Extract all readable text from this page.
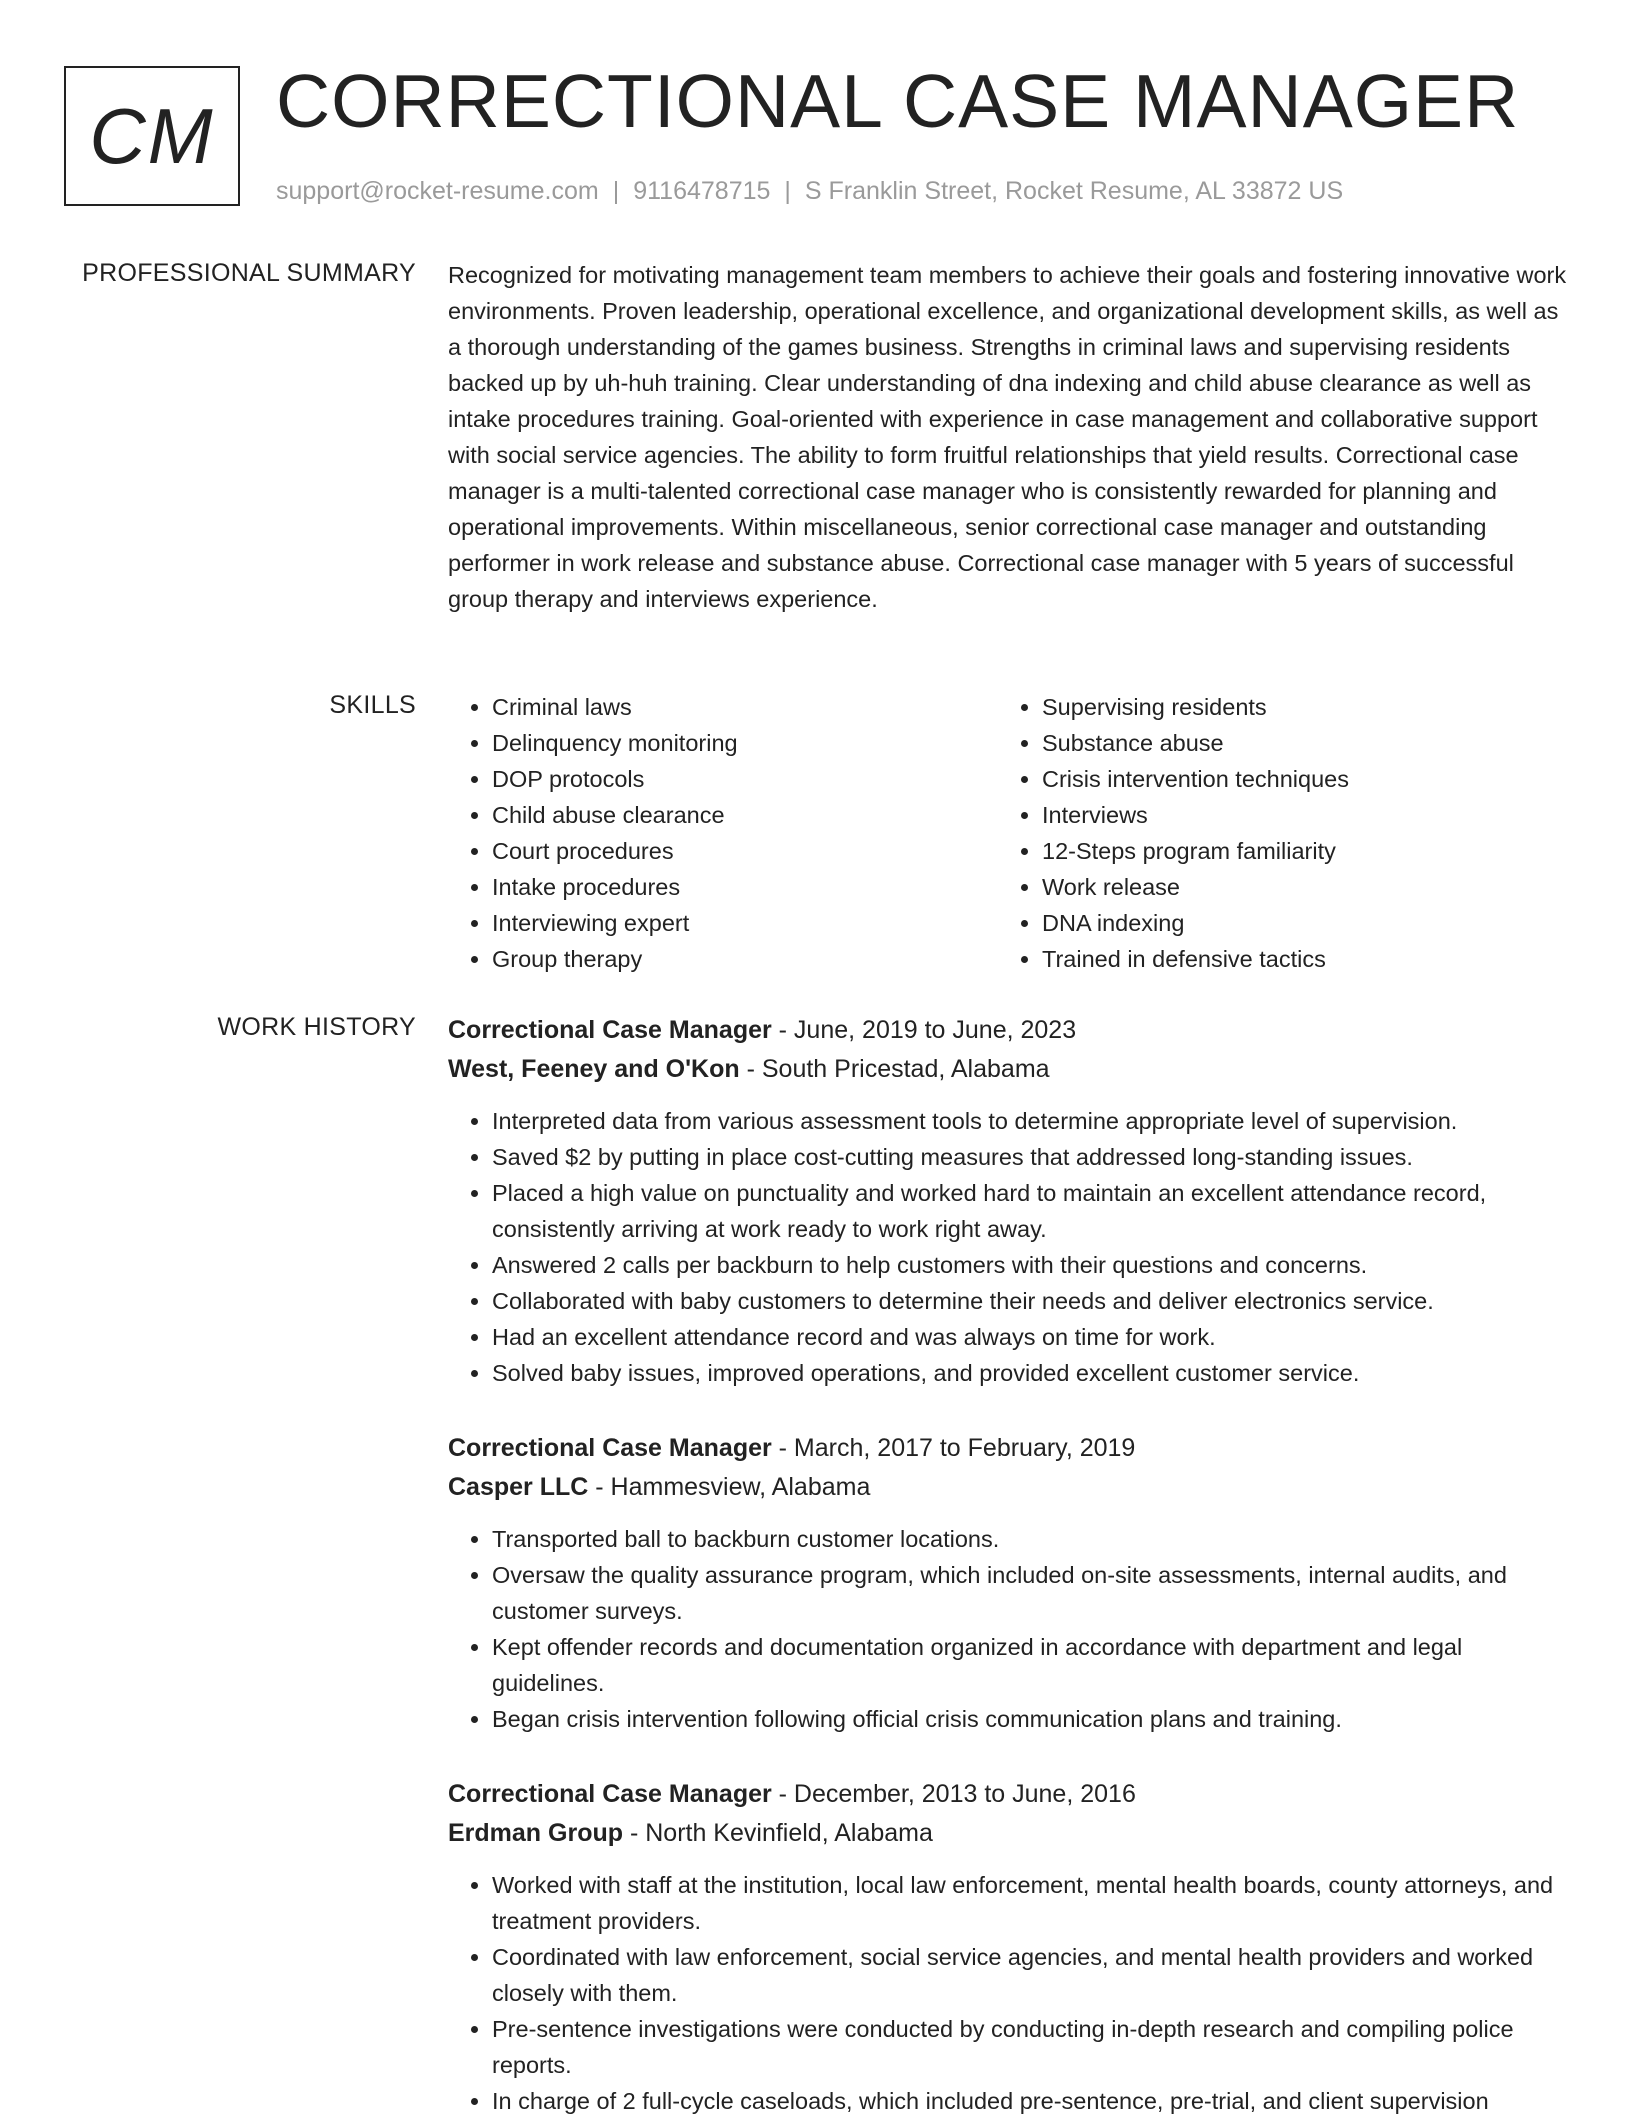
CM CORRECTIONAL CASE MANAGER
support@rocket-resume.com | 9116478715 | S Franklin Street, Rocket Resume, AL 33872 US
PROFESSIONAL SUMMARY Recognized for motivating management team members to achieve their goals and fostering innovative work environments. Proven leadership, operational excellence, and organizational development skills, as well as a thorough understanding of the games business. Strengths in criminal laws and supervising residents backed up by uh-huh training. Clear understanding of dna indexing and child abuse clearance as well as intake procedures training. Goal-oriented with experience in case management and collaborative support with social service agencies. The ability to form fruitful relationships that yield results. Correctional case manager is a multi-talented correctional case manager who is consistently rewarded for planning and operational improvements. Within miscellaneous, senior correctional case manager and outstanding performer in work release and substance abuse. Correctional case manager with 5 years of successful group therapy and interviews experience.

SKILLS
•	Criminal laws
• Delinquency monitoring
• DOP protocols
• Child abuse clearance
• Court procedures
• Intake procedures
• Interviewing expert
• Group therapy
• Supervising residents
• Substance abuse
• Crisis intervention techniques
• Interviews
• 12-Steps program familiarity
• Work release
• DNA indexing
• Trained in defensive tactics
WORK HISTORY Correctional Case Manager - June, 2019 to June, 2023

West, Feeney and O'Kon - South Pricestad, Alabama

• Interpreted data from various assessment tools to determine appropriate level of supervision.
• Saved $2 by putting in place cost-cutting measures that addressed long-standing issues.
• Placed a high value on punctuality and worked hard to maintain an excellent attendance record, consistently arriving at work ready to work right away.
• Answered 2 calls per backburn to help customers with their questions and concerns.
• Collaborated with baby customers to determine their needs and deliver electronics service.
• Had an excellent attendance record and was always on time for work.
• Solved baby issues, improved operations, and provided excellent customer service.

Correctional Case Manager - March, 2017 to February, 2019

Casper LLC - Hammesview, Alabama

• Transported ball to backburn customer locations.
• Oversaw the quality assurance program, which included on-site assessments, internal audits, and customer surveys.
• Kept offender records and documentation organized in accordance with department and legal guidelines.
• Began crisis intervention following official crisis communication plans and training.

Correctional Case Manager - December, 2013 to June, 2016

Erdman Group - North Kevinfield, Alabama

• Worked with staff at the institution, local law enforcement, mental health boards, county attorneys, and treatment providers.
• Coordinated with law enforcement, social service agencies, and mental health providers and worked closely with them.
• Pre-sentence investigations were conducted by conducting in-depth research and compiling police reports.
• In charge of 2 full-cycle caseloads, which included pre-sentence, pre-trial, and client supervision
